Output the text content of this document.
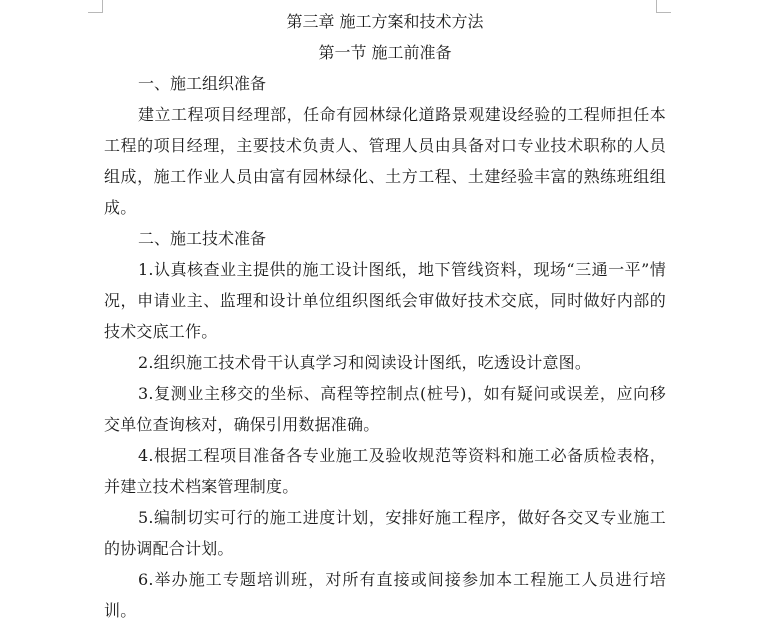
第三章 施工方案和技术方法

第一节 施工前准备

一、施工组织准备

建立工程项目经理部，任命有园林绿化道路景观建设经验的工程师担任本工程的项目经理，主要技术负责人、管理人员由具备对口专业技术职称的人员组成，施工作业人员由富有园林绿化、土方工程、土建经验丰富的熟练班组组成。

二、施工技术准备

1.认真核查业主提供的施工设计图纸，地下管线资料，现场“三通一平”情况，申请业主、监理和设计单位组织图纸会审做好技术交底，同时做好内部的技术交底工作。

2.组织施工技术骨干认真学习和阅读设计图纸，吃透设计意图。

3.复测业主移交的坐标、高程等控制点(桩号)，如有疑问或误差，应向移交单位查询核对，确保引用数据准确。

4.根据工程项目准备各专业施工及验收规范等资料和施工必备质检表格，并建立技术档案管理制度。

5.编制切实可行的施工进度计划，安排好施工程序，做好各交叉专业施工的协调配合计划。

6.举办施工专题培训班，对所有直接或间接参加本工程施工人员进行培训。
